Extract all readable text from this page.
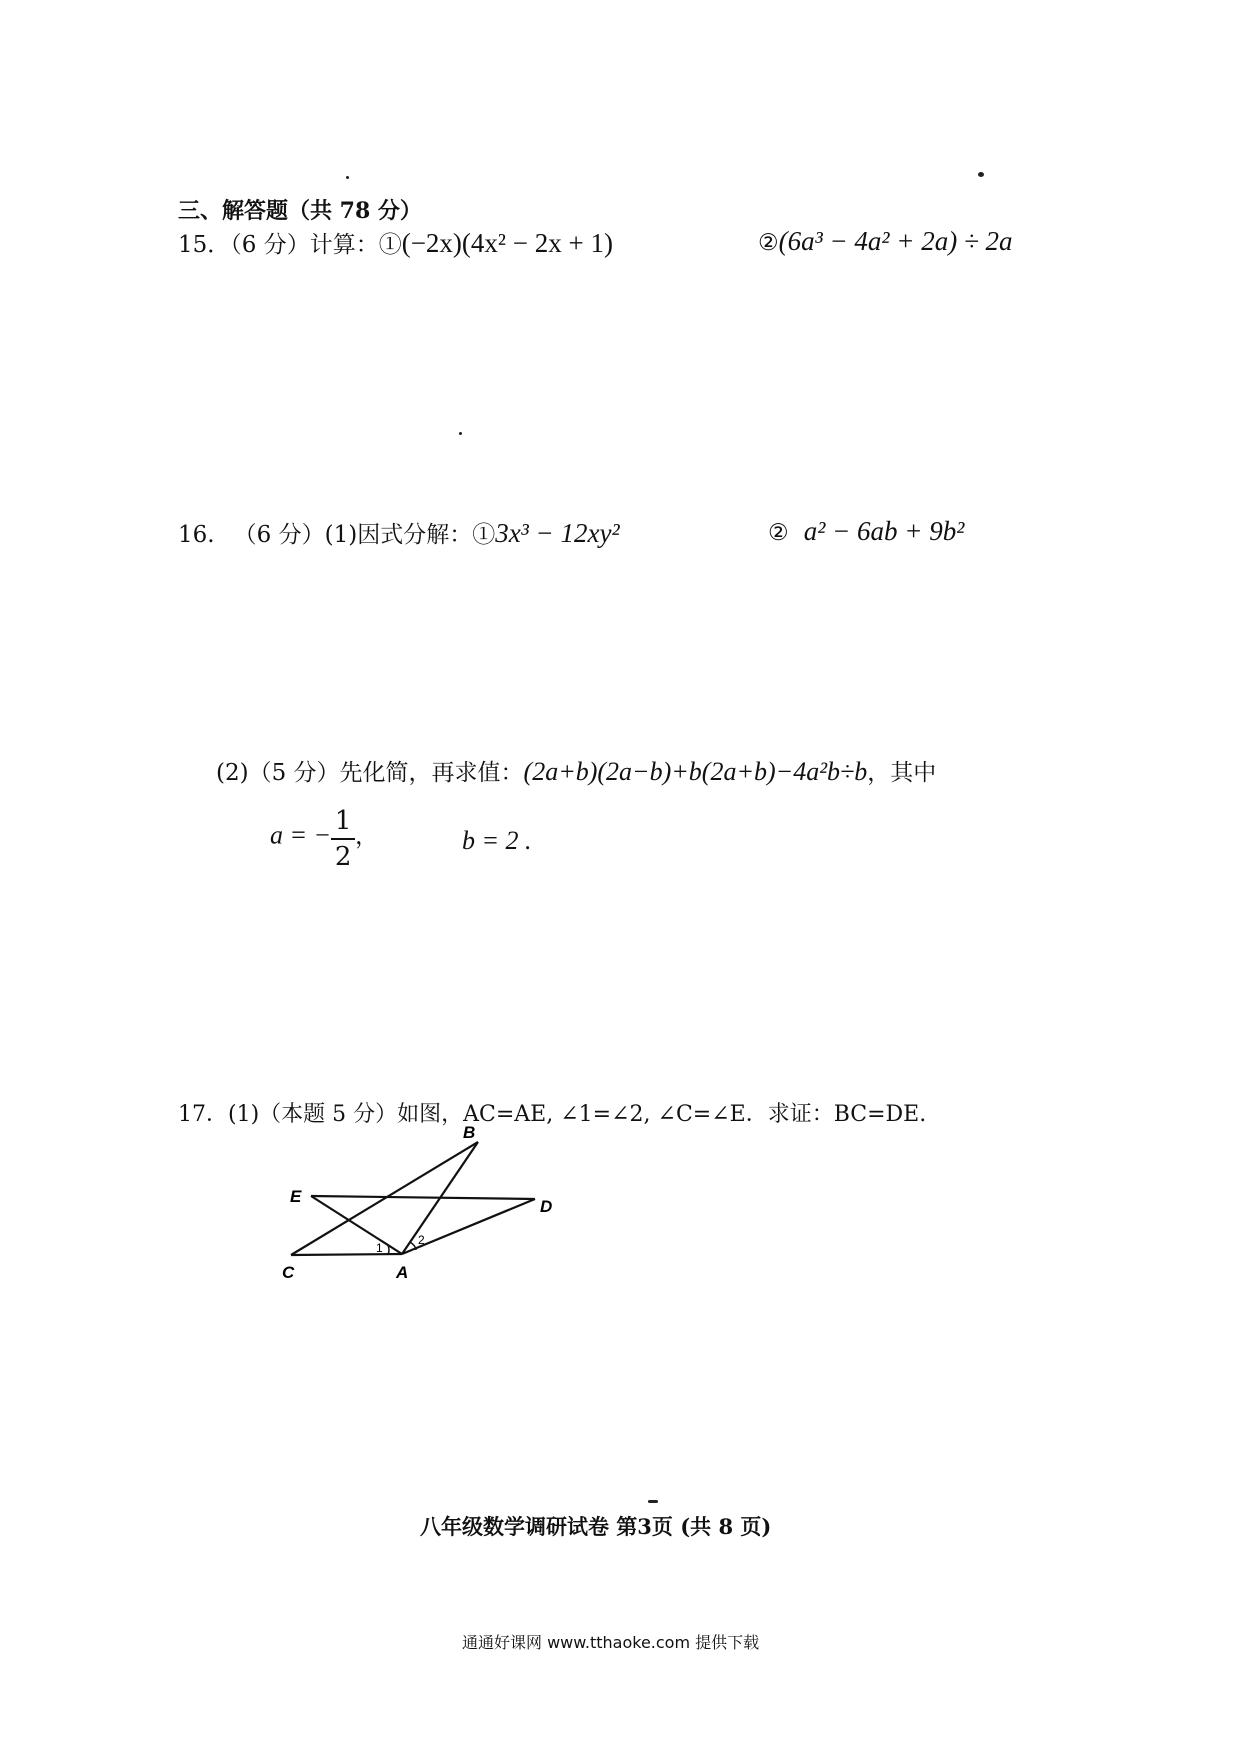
三、解答题（共 78 分）
15．（6 分）计算：①(−2x)(4x² − 2x + 1)	②(6a³ − 4a² + 2a) ÷ 2a
16. （6 分）(1)因式分解：①3x³ − 12xy²	② a² − 6ab + 9b²
(2)（5 分）先化简，再求值：(2a+b)(2a−b)+b(2a+b)−4a²b÷b，其中
a = − $\frac{1}{2}$ ，	b = 2 .
17．(1)（本题 5 分）如图，AC=AE, ∠1=∠2, ∠C=∠E．求证：BC=DE.
B
E
D
C	A
1
2
八年级数学调研试卷 第3页 (共 8 页)
通通好课网 www.tthaoke.com 提供下载
